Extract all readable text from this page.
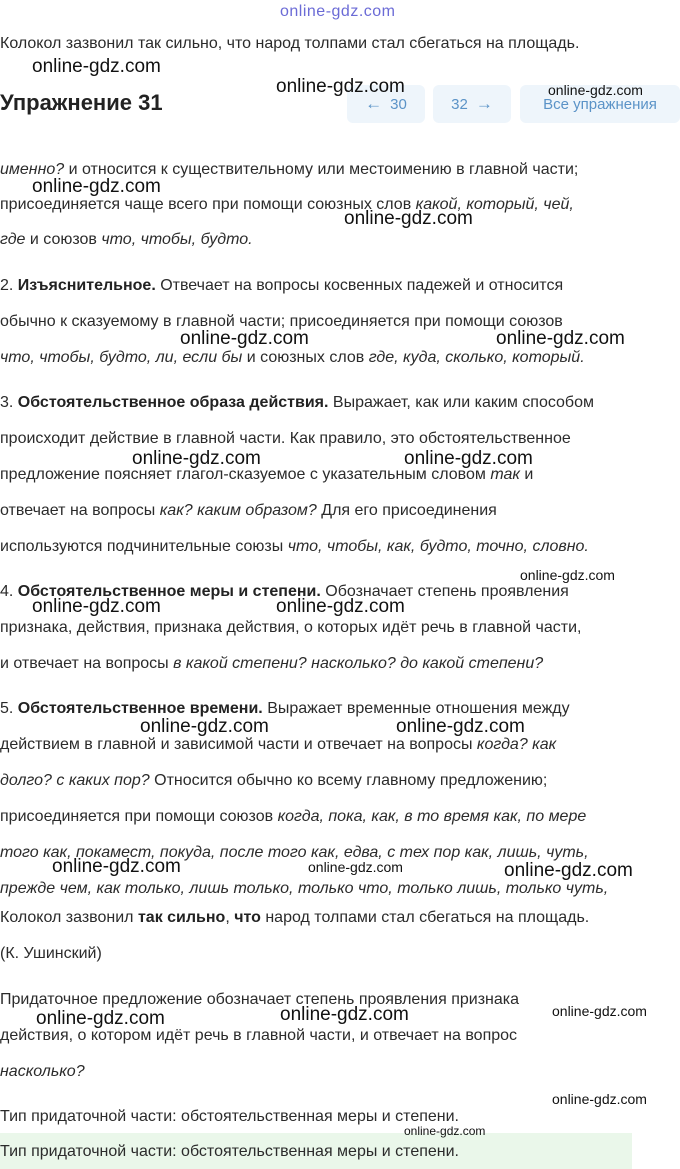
online-gdz.com
Колокол зазвонил так сильно, что народ толпами стал сбегаться на площадь.
Упражнение 31	← 30	32 →	Все упражнения
именно? и относится к существительному или местоимению в главной части;
присоединяется чаще всего при помощи союзных слов какой, который, чей,
где и союзов что, чтобы, будто.
2. Изъяснительное. Отвечает на вопросы косвенных падежей и относится
обычно к сказуемому в главной части; присоединяется при помощи союзов
что, чтобы, будто, ли, если бы и союзных слов где, куда, сколько, который.
3. Обстоятельственное образа действия. Выражает, как или каким способом
происходит действие в главной части. Как правило, это обстоятельственное
предложение поясняет глагол-сказуемое с указательным словом так и
отвечает на вопросы как? каким образом? Для его присоединения
используются подчинительные союзы что, чтобы, как, будто, точно, словно.
4. Обстоятельственное меры и степени. Обозначает степень проявления
признака, действия, признака действия, о которых идёт речь в главной части,
и отвечает на вопросы в какой степени? насколько? до какой степени?
5. Обстоятельственное времени. Выражает временные отношения между
действием в главной и зависимой части и отвечает на вопросы когда? как
долго? с каких пор? Относится обычно ко всему главному предложению;
присоединяется при помощи союзов когда, пока, как, в то время как, по мере
того как, покамест, покуда, после того как, едва, с тех пор как, лишь, чуть,
прежде чем, как только, лишь только, только что, только лишь, только чуть,
Колокол зазвонил так сильно, что народ толпами стал сбегаться на площадь.
(К. Ушинский)
Придаточное предложение обозначает степень проявления признака
действия, о котором идёт речь в главной части, и отвечает на вопрос
насколько?
Тип придаточной части: обстоятельственная меры и степени.
Тип придаточной части: обстоятельственная меры и степени.
online-gdz.com
online-gdz.com	online-gdz.com
online-gdz.com
online-gdz.com
online-gdz.com	online-gdz.com
online-gdz.com	online-gdz.com
online-gdz.com
online-gdz.com	online-gdz.com
online-gdz.com	online-gdz.com
online-gdz.com	online-gdz.com	online-gdz.com
online-gdz.com	online-gdz.com	online-gdz.com
online-gdz.com
online-gdz.com
